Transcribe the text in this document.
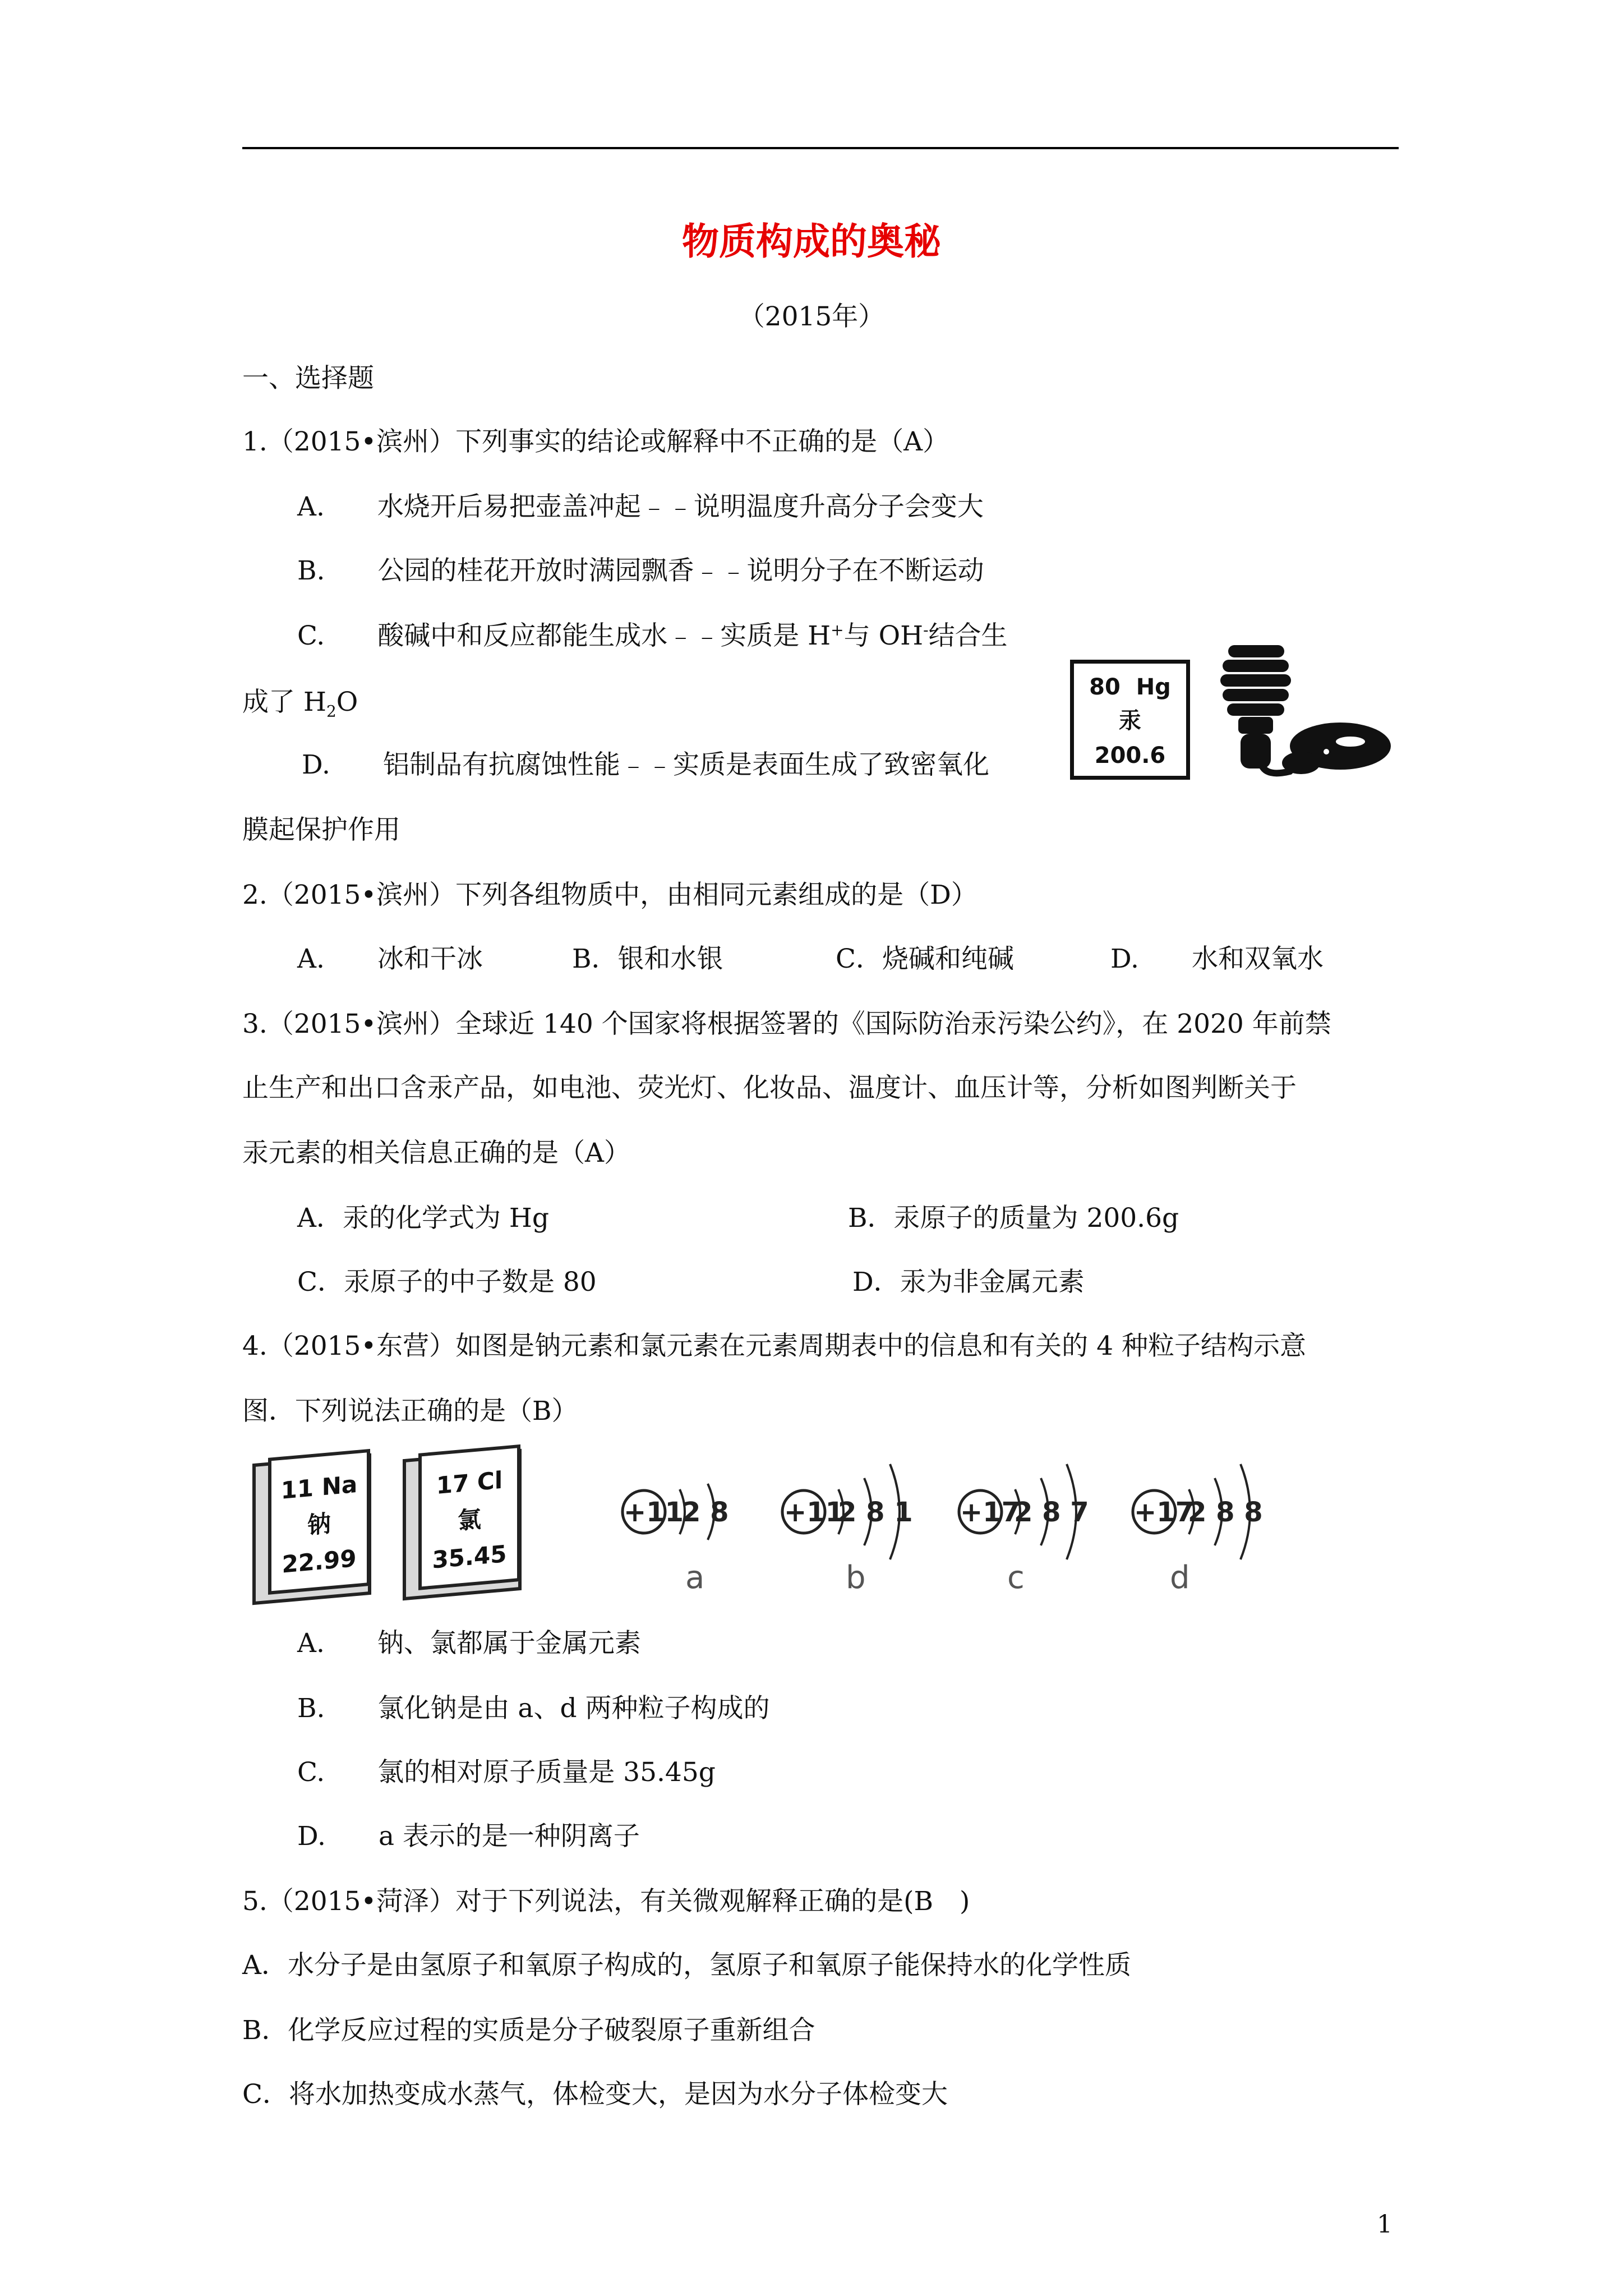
物质构成的奥秘
（2015年）
一、选择题
1.（2015•滨州）下列事实的结论或解释中不正确的是（A）
A.　　水烧开后易把壶盖冲起﹣﹣说明温度升高分子会变大
B.　　公园的桂花开放时满园飘香﹣﹣说明分子在不断运动
C.　　酸碱中和反应都能生成水﹣﹣实质是 H+与 OH-结合生
成了 $H_2O$
D.　　铝制品有抗腐蚀性能﹣﹣实质是表面生成了致密氧化
膜起保护作用
80 Hg
汞
200.6
2.（2015•滨州）下列各组物质中，由相同元素组成的是（D）
A.　　冰和干冰	B．银和水银	C．烧碱和纯碱	D.　　水和双氧水
3.（2015•滨州）全球近 140 个国家将根据签署的《国际防治汞污染公约》，在 2020 年前禁
止生产和出口含汞产品，如电池、荧光灯、化妆品、温度计、血压计等，分析如图判断关于
汞元素的相关信息正确的是（A）
A．汞的化学式为 Hg	B．汞原子的质量为 200.6g
C．汞原子的中子数是 80	D．汞为非金属元素
4.（2015•东营）如图是钠元素和氯元素在元素周期表中的信息和有关的 4 种粒子结构示意
图．下列说法正确的是（B）
11 Na
钠
22.99
17 Cl
氯
35.45
+11
2 8
a
+11
2 8 1
b
+17
2 8 7
c
+17
2 8 8
d
A.　　钠、氯都属于金属元素
B.　　氯化钠是由 a、d 两种粒子构成的
C.　　氯的相对原子质量是 35.45g
D.　　a 表示的是一种阴离子
5.（2015•菏泽）对于下列说法，有关微观解释正确的是(B　)
A．水分子是由氢原子和氧原子构成的，氢原子和氧原子能保持水的化学性质
B．化学反应过程的实质是分子破裂原子重新组合
C．将水加热变成水蒸气，体检变大，是因为水分子体检变大
1
